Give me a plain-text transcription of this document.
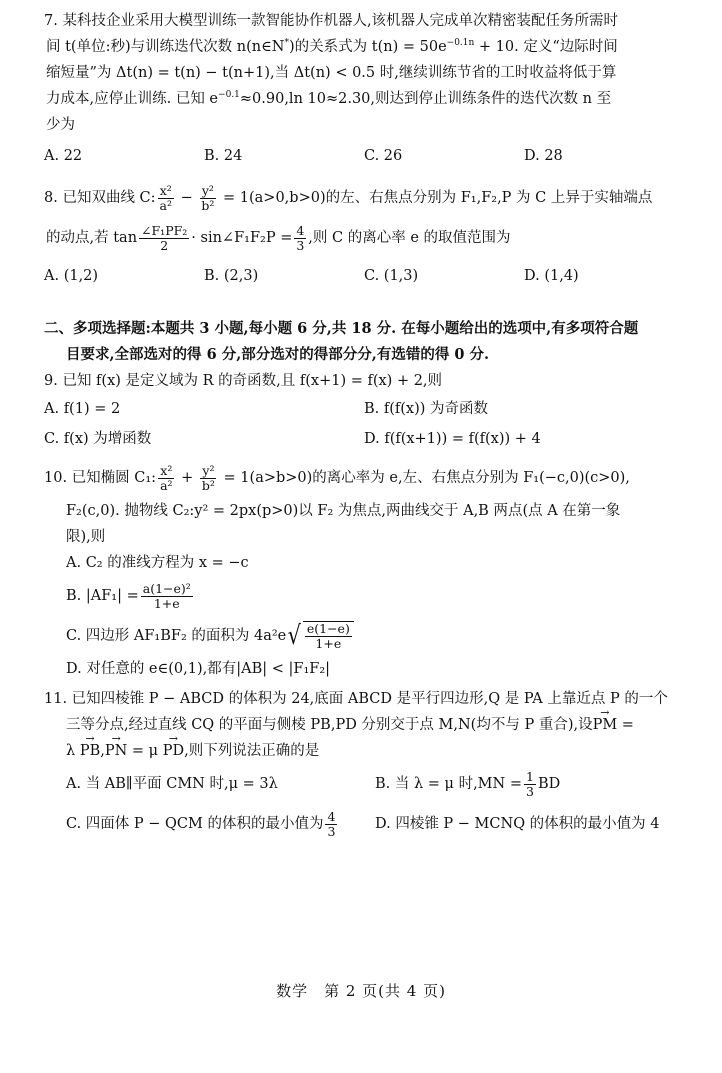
7. 某科技企业采用大模型训练一款智能协作机器人,该机器人完成单次精密装配任务所需时
间 t(单位:秒)与训练迭代次数 n(n∈N*)的关系式为 $t(n) = 50e^{-0.1n} + 10$. 定义“边际时间
缩短量”为 Δt(n) = t(n) − t(n+1),当 Δt(n) < 0.5 时,继续训练节省的工时收益将低于算
力成本,应停止训练. 已知 $e^{-0.1}\approx 0.90,\ln$ 10≈2.30,则达到停止训练条件的迭代次数 n 至
少为
A. 22	B. 24	C. 26	D. 28
8. 已知双曲线 C: $\frac{\text{x²}}{\text{a²}} - \frac{\text{y²}}{\text{b²}} = 1(a>0,b>0)$的左、右焦点分别为 F₁,F₂,P 为 C 上异于实轴端点
的动点,若 $\tan \frac{\text{∠F₁PF₂}}{2}$ · sin∠F₁F₂P = $\frac{4}{3}$ ,则 C 的离心率 e 的取值范围为
A. (1,2)	B. (2,3)	C. (1,3)	D. (1,4)
二、多项选择题:本题共 3 小题,每小题 6 分,共 18 分. 在每小题给出的选项中,有多项符合题
目要求,全部选对的得 6 分,部分选对的得部分分,有选错的得 0 分.
9. 已知 f(x) 是定义域为 R 的奇函数,且 f(x+1) = f(x) + 2,则
A. f(1) = 2	B. f(f(x)) 为奇函数
C. f(x) 为增函数	D. f(f(x+1)) = f(f(x)) + 4
10. 已知椭圆 C₁: $\frac{\text{x²}}{\text{a²}} + \frac{\text{y²}}{\text{b²}} = 1(a>b>0)$的离心率为 e,左、右焦点分别为 F₁(−c,0)(c>0),
F₂(c,0). 抛物线 C₂:y² = 2px(p>0)以 F₂ 为焦点,两曲线交于 A,B 两点(点 A 在第一象
限),则
A. C₂ 的准线方程为 x = −c
B. $|AF_1| = \frac{\text{a(1−e)²}}{1+e}$
C. 四边形 AF₁BF₂ 的面积为 4a²e √ $\frac{e(1-e)}{1+e}$
D. 对任意的 e∈(0,1),都有|AB| < |F₁F₂|
11. 已知四棱锥 P − ABCD 的体积为 24,底面 ABCD 是平行四边形,Q 是 PA 上靠近点 P 的一个
三等分点,经过直线 CQ 的平面与侧棱 PB,PD 分别交于点 M,N(均不与 P 重合),设→ PM =
λ → PB,→ PN = μ → PD,则下列说法正确的是
A. 当 AB∥平面 CMN 时,μ = 3λ	B. 当 λ = μ 时$,MN = \frac{1}{3}$ BD
C. 四面体 P − QCM 的体积的最小值为 $\frac{4}{3}$	D. 四棱锥 P − MCNQ 的体积的最小值为 4
数学　第 2 页(共 4 页)
